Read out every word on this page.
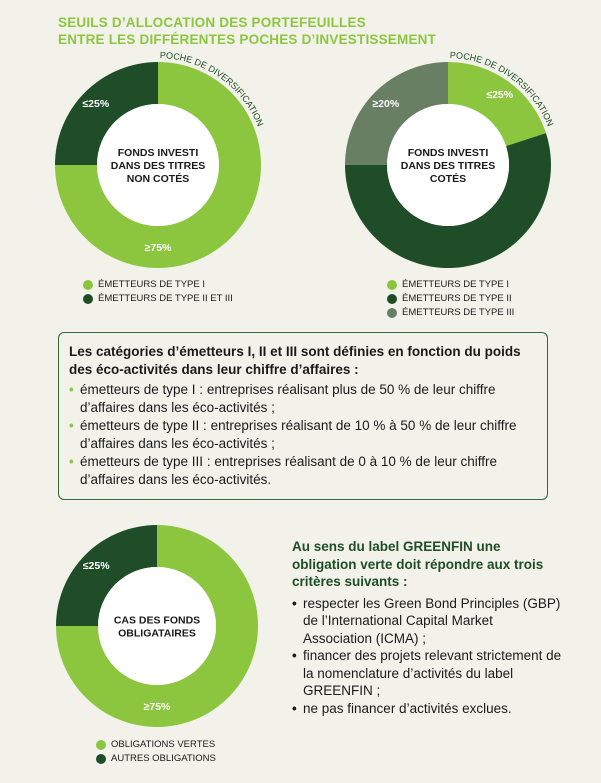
SEUILS D’ALLOCATION DES PORTEFEUILLES
ENTRE LES DIFFÉRENTES POCHES D’INVESTISSEMENT
≥75%
≤25%
FONDS INVESTI
DANS DES TITRES
NON COTÉS
POCHE DE DIVERSIFICATION
ÉMETTEURS DE TYPE I
ÉMETTEURS DE TYPE II ET III
≤25%
≥20%
FONDS INVESTI
DANS DES TITRES
COTÉS
POCHE DE DIVERSIFICATION
ÉMETTEURS DE TYPE I
ÉMETTEURS DE TYPE II
ÉMETTEURS DE TYPE III
Les catégories d’émetteurs I, II et III sont définies en fonction du poids des éco-activités dans leur chiffre d’affaires :
• émetteurs de type I : entreprises réalisant plus de 50 % de leur chiffre d’affaires dans les éco-activités ;
• émetteurs de type II : entreprises réalisant de 10 % à 50 % de leur chiffre d’affaires dans les éco-activités ;
• émetteurs de type III : entreprises réalisant de 0 à 10 % de leur chiffre d’affaires dans les éco-activités.
≥75%
≤25%
CAS DES FONDS
OBLIGATAIRES
OBLIGATIONS VERTES
AUTRES OBLIGATIONS
Au sens du label GREENFIN une obligation verte doit répondre aux trois critères suivants :
• respecter les Green Bond Principles (GBP) de l’International Capital Market Association (ICMA) ;
• financer des projets relevant strictement de la nomenclature d’activités du label GREENFIN ;
• ne pas financer d’activités exclues.
